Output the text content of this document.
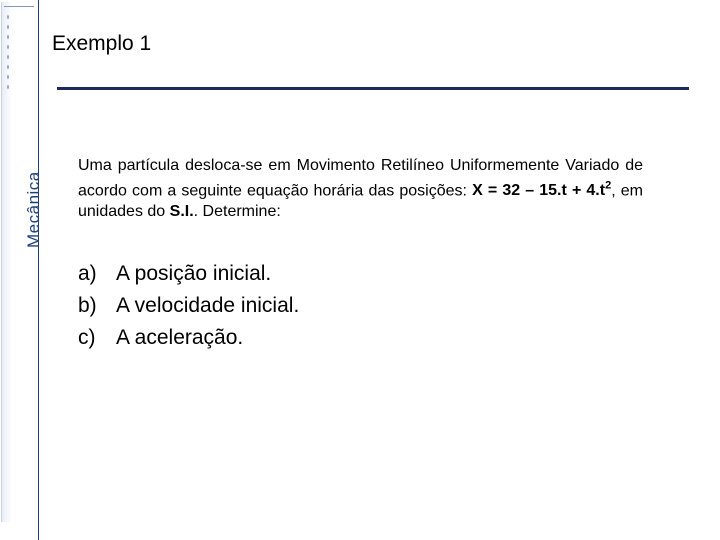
Mecânica
Exemplo 1
Uma partícula desloca-se em Movimento Retilíneo Uniformemente Variado de acordo com a seguinte equação horária das posições: $X = 32 - 15.t + 4.t^2$, em unidades do S.I.. Determine:
a) A posição inicial.
b) A velocidade inicial.
c) A aceleração.
